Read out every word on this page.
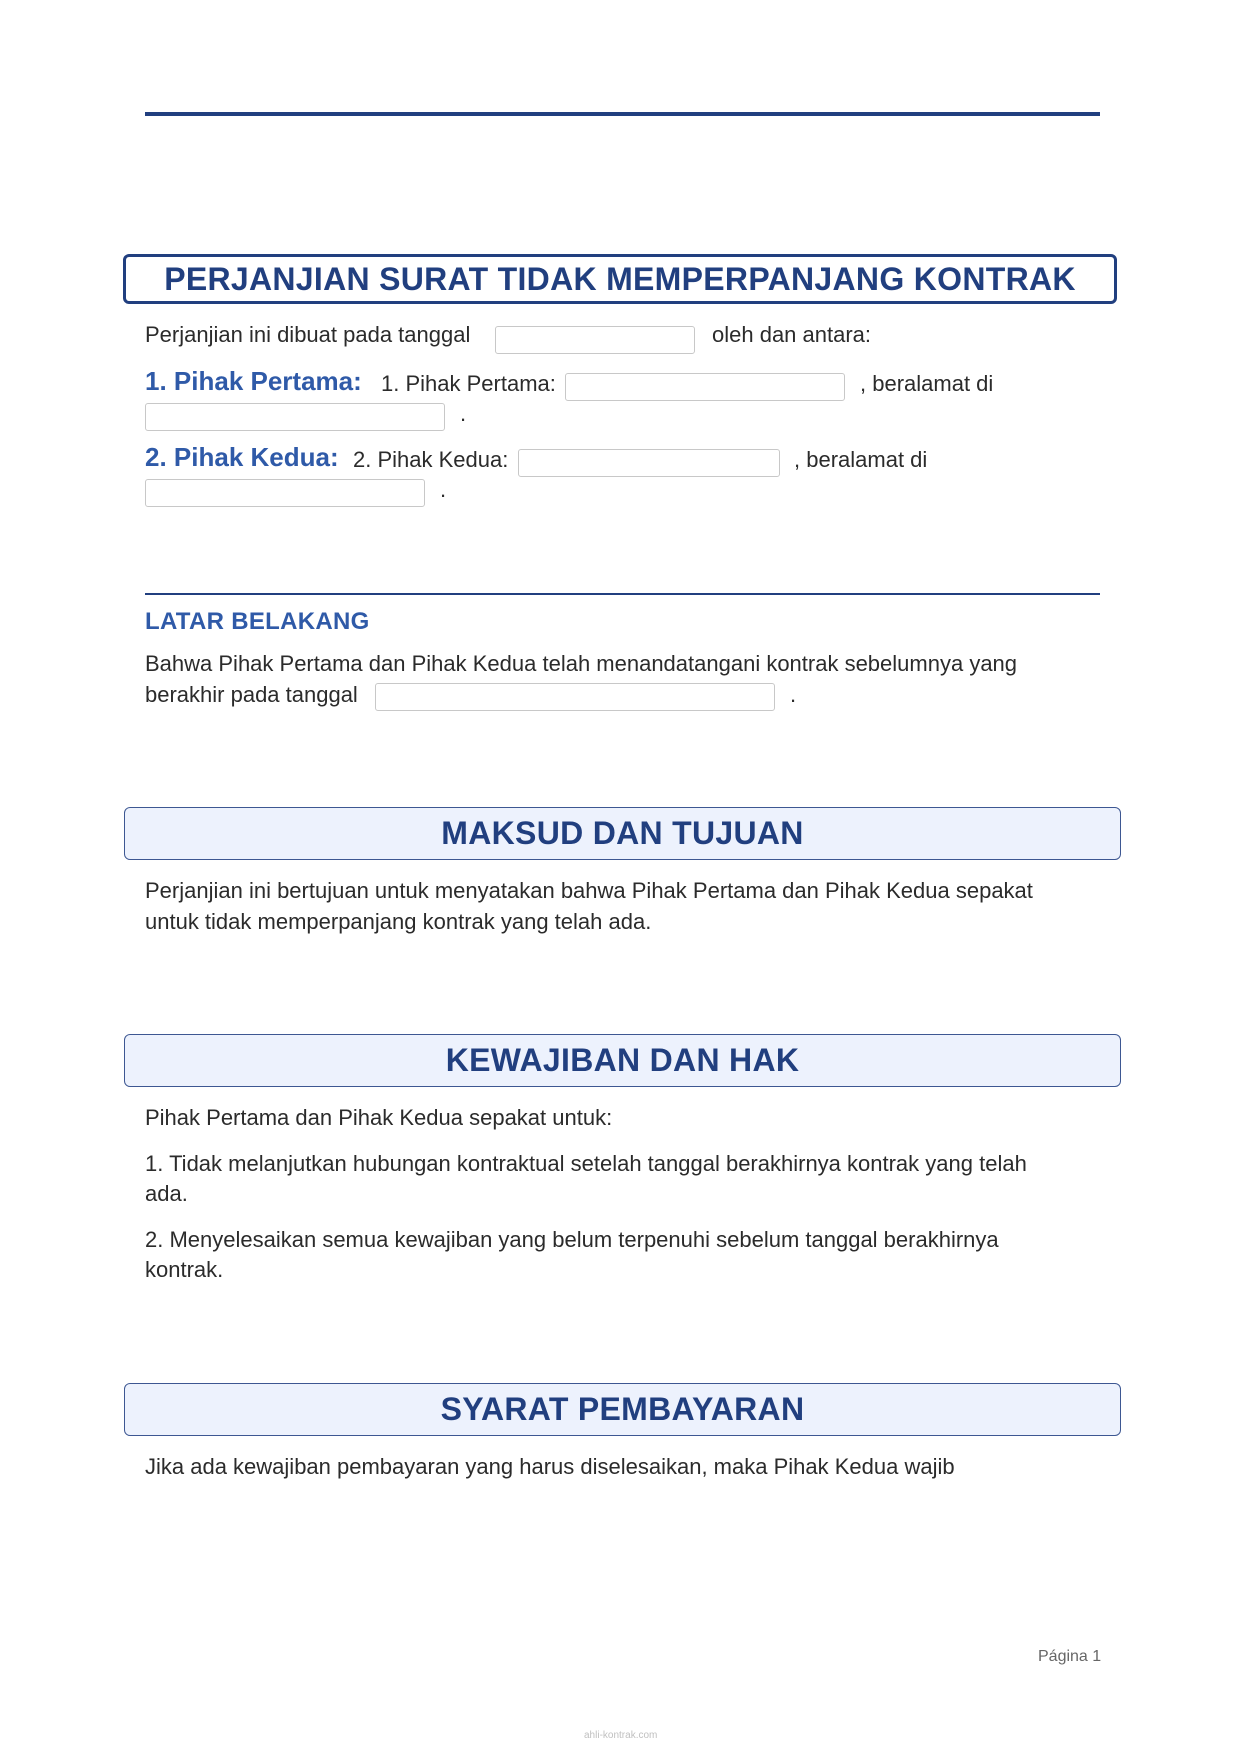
PERJANJIAN SURAT TIDAK MEMPERPANJANG KONTRAK
Perjanjian ini dibuat pada tanggal	oleh dan antara:
1. Pihak Pertama: 1. Pihak Pertama:	, beralamat di
.
2. Pihak Kedua: 2. Pihak Kedua:	, beralamat di
.
LATAR BELAKANG
Bahwa Pihak Pertama dan Pihak Kedua telah menandatangani kontrak sebelumnya yang
berakhir pada tanggal	.
MAKSUD DAN TUJUAN
Perjanjian ini bertujuan untuk menyatakan bahwa Pihak Pertama dan Pihak Kedua sepakat
untuk tidak memperpanjang kontrak yang telah ada.
KEWAJIBAN DAN HAK
Pihak Pertama dan Pihak Kedua sepakat untuk:
1. Tidak melanjutkan hubungan kontraktual setelah tanggal berakhirnya kontrak yang telah
ada.
2. Menyelesaikan semua kewajiban yang belum terpenuhi sebelum tanggal berakhirnya
kontrak.
SYARAT PEMBAYARAN
Jika ada kewajiban pembayaran yang harus diselesaikan, maka Pihak Kedua wajib
Página 1
ahli-kontrak.com
